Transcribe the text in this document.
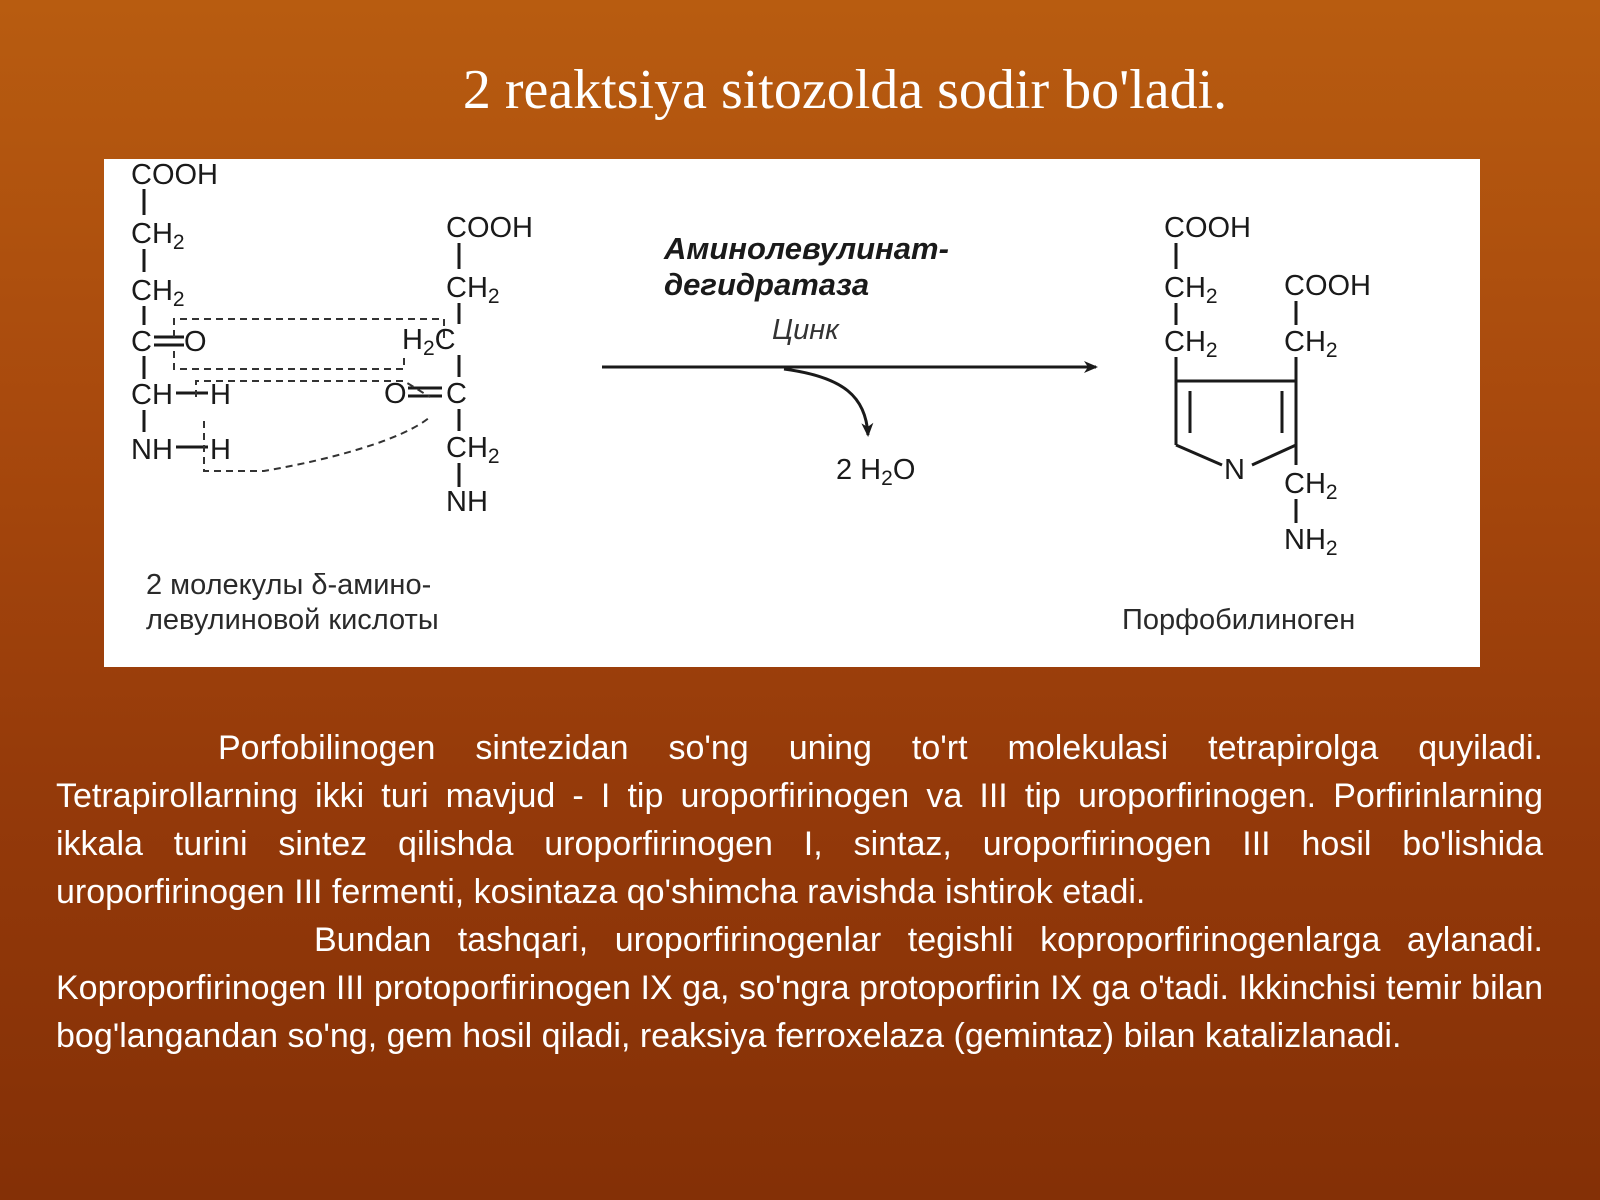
2 reaktsiya sitozolda sodir bo'ladi.
COOH
$CH_2$
$CH_2$
C O
CH H
NH H
COOH
$CH_2$
$H_2C$
O C
$CH_2$
NH
Аминолевулинат-
дегидратаза
Цинк
2 $H_2O$
COOH
$CH_2$
$CH_2$
COOH
$CH_2$
N $CH_2$
$NH_2$
2 молекулы δ-амино-
левулиновой кислоты	Порфобилиноген

Porfobilinogen sintezidan so'ng uning to'rt molekulasi tetrapirolga quyiladi. Tetrapirollarning ikki turi mavjud - I tip uroporfirinogen va III tip uroporfirinogen. Porfirinlarning ikkala turini sintez qilishda uroporfirinogen I, sintaz, uroporfirinogen III hosil bo'lishida uroporfirinogen III fermenti, kosintaza qo'shimcha ravishda ishtirok etadi.

Bundan tashqari, uroporfirinogenlar tegishli koproporfirinogenlarga aylanadi. Koproporfirinogen III protoporfirinogen IX ga, so'ngra protoporfirin IX ga o'tadi. Ikkinchisi temir bilan bog'langandan so'ng, gem hosil qiladi, reaksiya ferroxelaza (gemintaz) bilan katalizlanadi.
